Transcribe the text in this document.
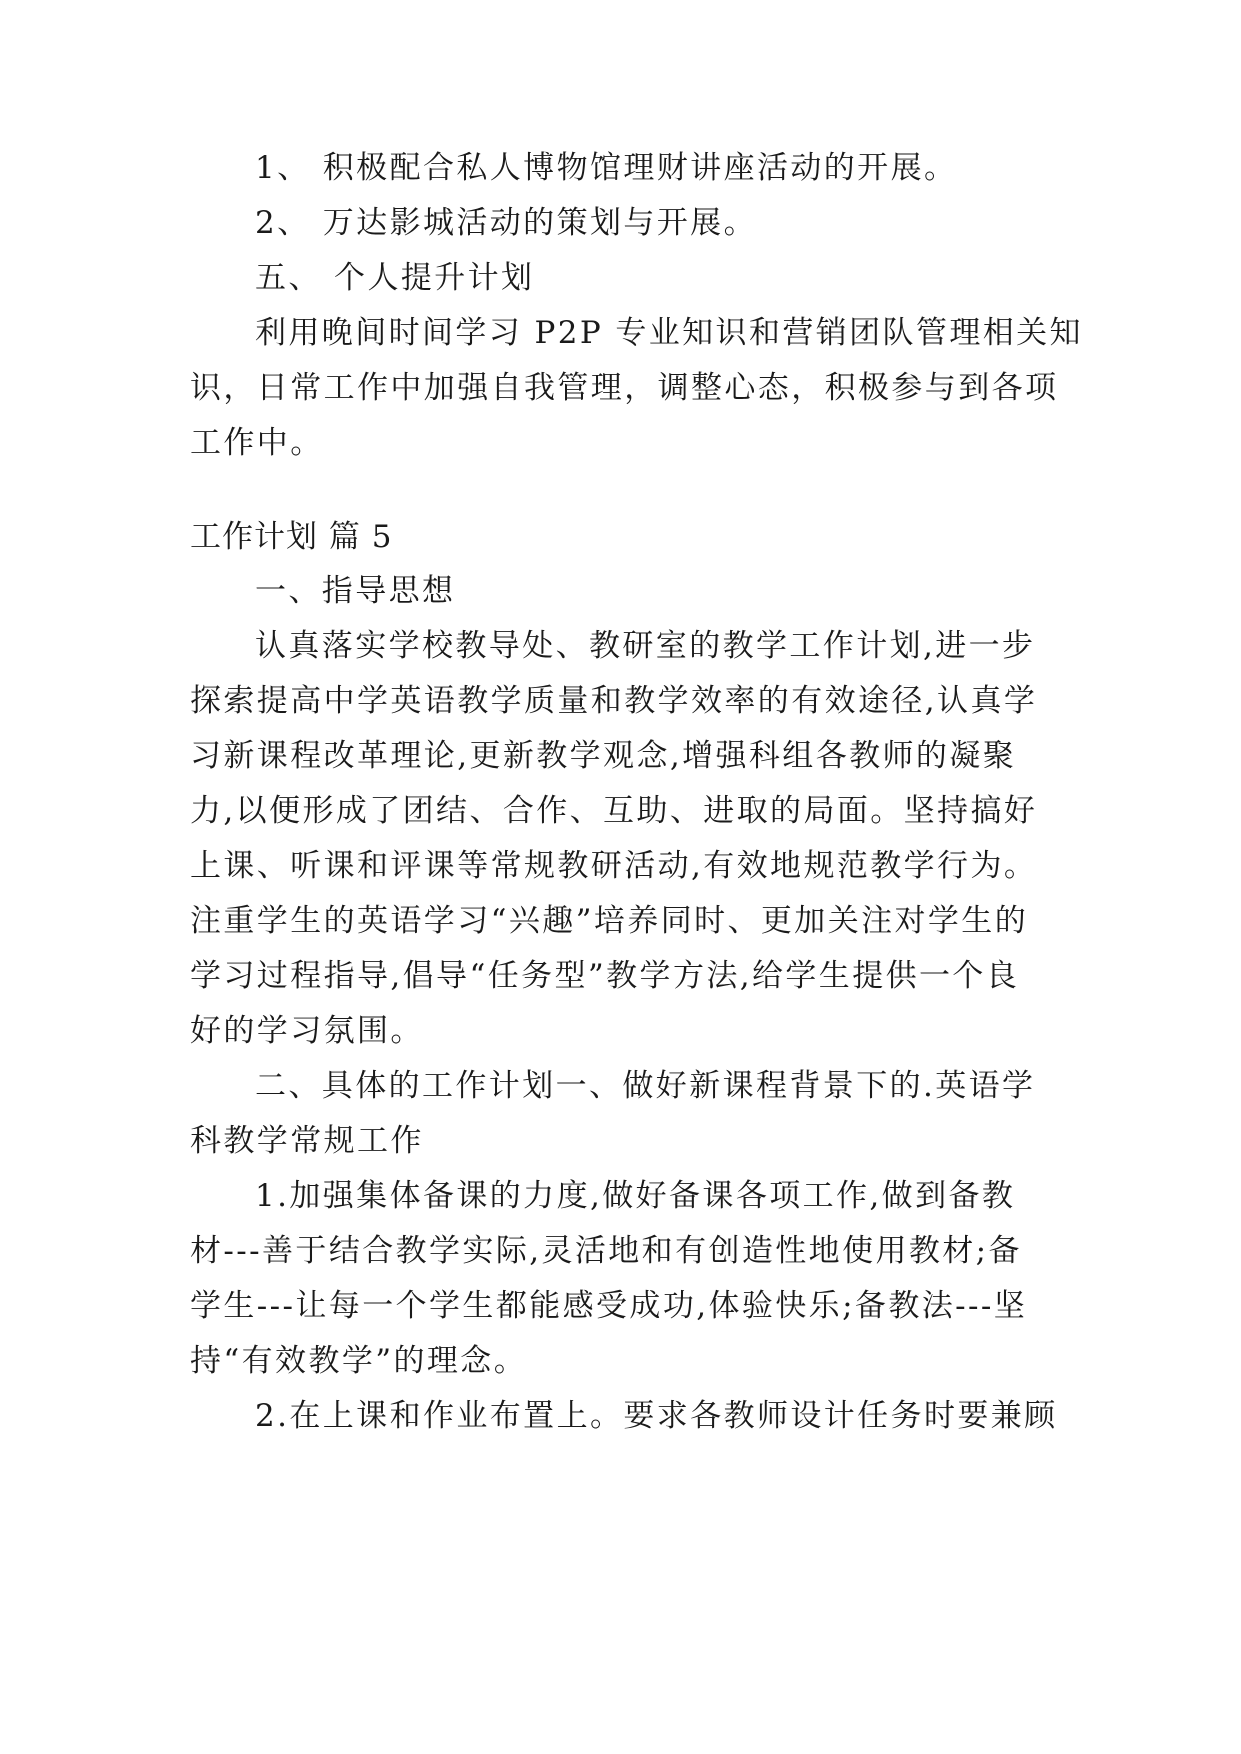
1、 积极配合私人博物馆理财讲座活动的开展。
2、 万达影城活动的策划与开展。
五、 个人提升计划
利用晚间时间学习 P2P 专业知识和营销团队管理相关知
识，日常工作中加强自我管理，调整心态，积极参与到各项
工作中。
工作计划 篇 5
一、指导思想
认真落实学校教导处、教研室的教学工作计划,进一步
探索提高中学英语教学质量和教学效率的有效途径,认真学
习新课程改革理论,更新教学观念,增强科组各教师的凝聚
力,以便形成了团结、合作、互助、进取的局面。坚持搞好
上课、听课和评课等常规教研活动,有效地规范教学行为。
注重学生的英语学习“兴趣”培养同时、更加关注对学生的
学习过程指导,倡导“任务型”教学方法,给学生提供一个良
好的学习氛围。
二、具体的工作计划一、做好新课程背景下的.英语学
科教学常规工作
1.加强集体备课的力度,做好备课各项工作,做到备教
材---善于结合教学实际,灵活地和有创造性地使用教材;备
学生---让每一个学生都能感受成功,体验快乐;备教法---坚
持“有效教学”的理念。
2.在上课和作业布置上。要求各教师设计任务时要兼顾
